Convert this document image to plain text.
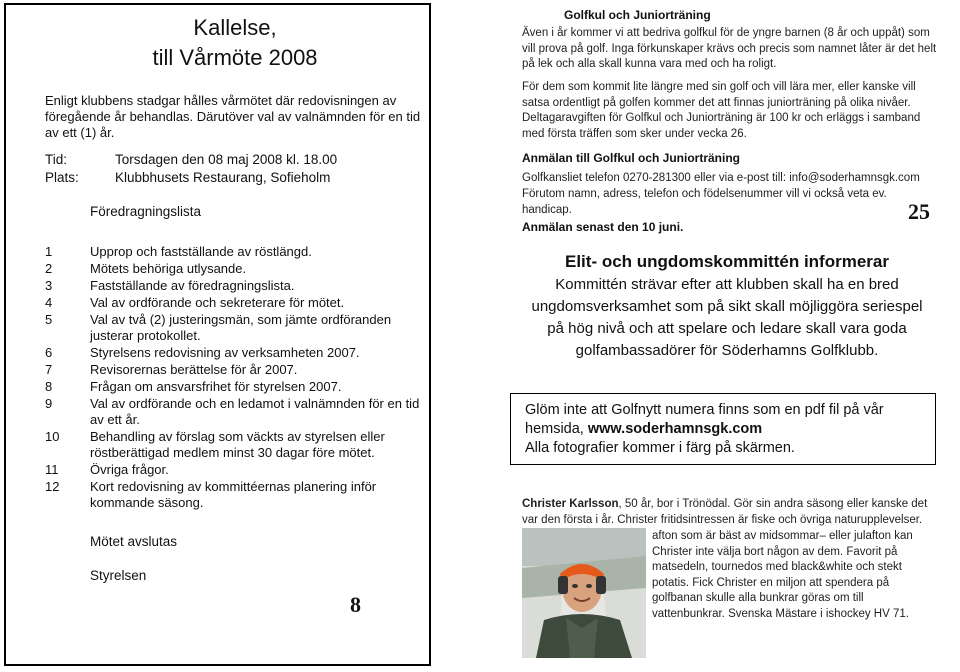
Kallelse,
till Vårmöte 2008
Enligt klubbens stadgar hålles vårmötet där redovisningen av föregående år behandlas. Därutöver val av valnämnden för en tid av ett (1) år.
Tid:	Torsdagen den 08 maj 2008 kl. 18.00
Plats:	Klubbhusets Restaurang, Sofieholm
Föredragningslista
1	Upprop och fastställande av röstlängd.
2	Mötets behöriga utlysande.
3	Fastställande av föredragningslista.
4	Val av ordförande och sekreterare för mötet.
5	Val av två (2) justeringsmän, som jämte ordföranden justerar protokollet.
6	Styrelsens redovisning av verksamheten 2007.
7	Revisorernas berättelse för år 2007.
8	Frågan om ansvarsfrihet för styrelsen 2007.
9	Val av ordförande och en ledamot i valnämnden för en tid av ett år.
10	Behandling av förslag som väckts av styrelsen eller röstberättigad medlem minst 30 dagar före mötet.
11	Övriga frågor.
12	Kort redovisning av kommittéernas planering inför kommande säsong.
Mötet avslutas
Styrelsen
8
Golfkul och Juniorträning
Även i år kommer vi att bedriva golfkul för de yngre barnen (8 år och uppåt) som vill prova på golf. Inga förkunskaper krävs och precis som namnet låter är det helt på lek och alla skall kunna vara med och ha roligt.
För dem som kommit lite längre med sin golf och vill lära mer, eller kanske vill satsa ordentligt på golfen kommer det att finnas juniorträning på olika nivåer. Deltagaravgiften för Golfkul och Juniorträning är 100 kr och erläggs i samband med första träffen som sker under vecka 26.
Anmälan till Golfkul och Juniorträning
Golfkansliet telefon 0270-281300 eller via e-post till: info@soderhamnsgk.com
Förutom namn, adress, telefon och födelsenummer vill vi också veta ev.
handicap.
Anmälan senast den 10 juni.
25
Elit- och ungdomskommittén informerar
Kommittén strävar efter att klubben skall ha en bred ungdomsverksamhet som på sikt skall möjliggöra seriespel på hög nivå och att spelare och ledare skall vara goda golfambassadörer för Söderhamns Golfklubb.
Glöm inte att Golfnytt numera finns som en pdf fil på vår hemsida, www.soderhamnsgk.com
Alla fotografier kommer i färg på skärmen.
Christer Karlsson, 50 år, bor i Trönödal. Gör sin andra säsong eller kanske det var den första i år. Christer fritidsintressen är fiske och övriga naturupplevelser.
afton som är bäst av midsommar– eller julafton kan Christer inte välja bort någon av dem. Favorit på matsedeln, tournedos med black&white och stekt potatis. Fick Christer en miljon att spendera på golfbanan skulle alla bunkrar göras om till vattenbunkrar. Svenska Mästare i ishockey HV 71.
